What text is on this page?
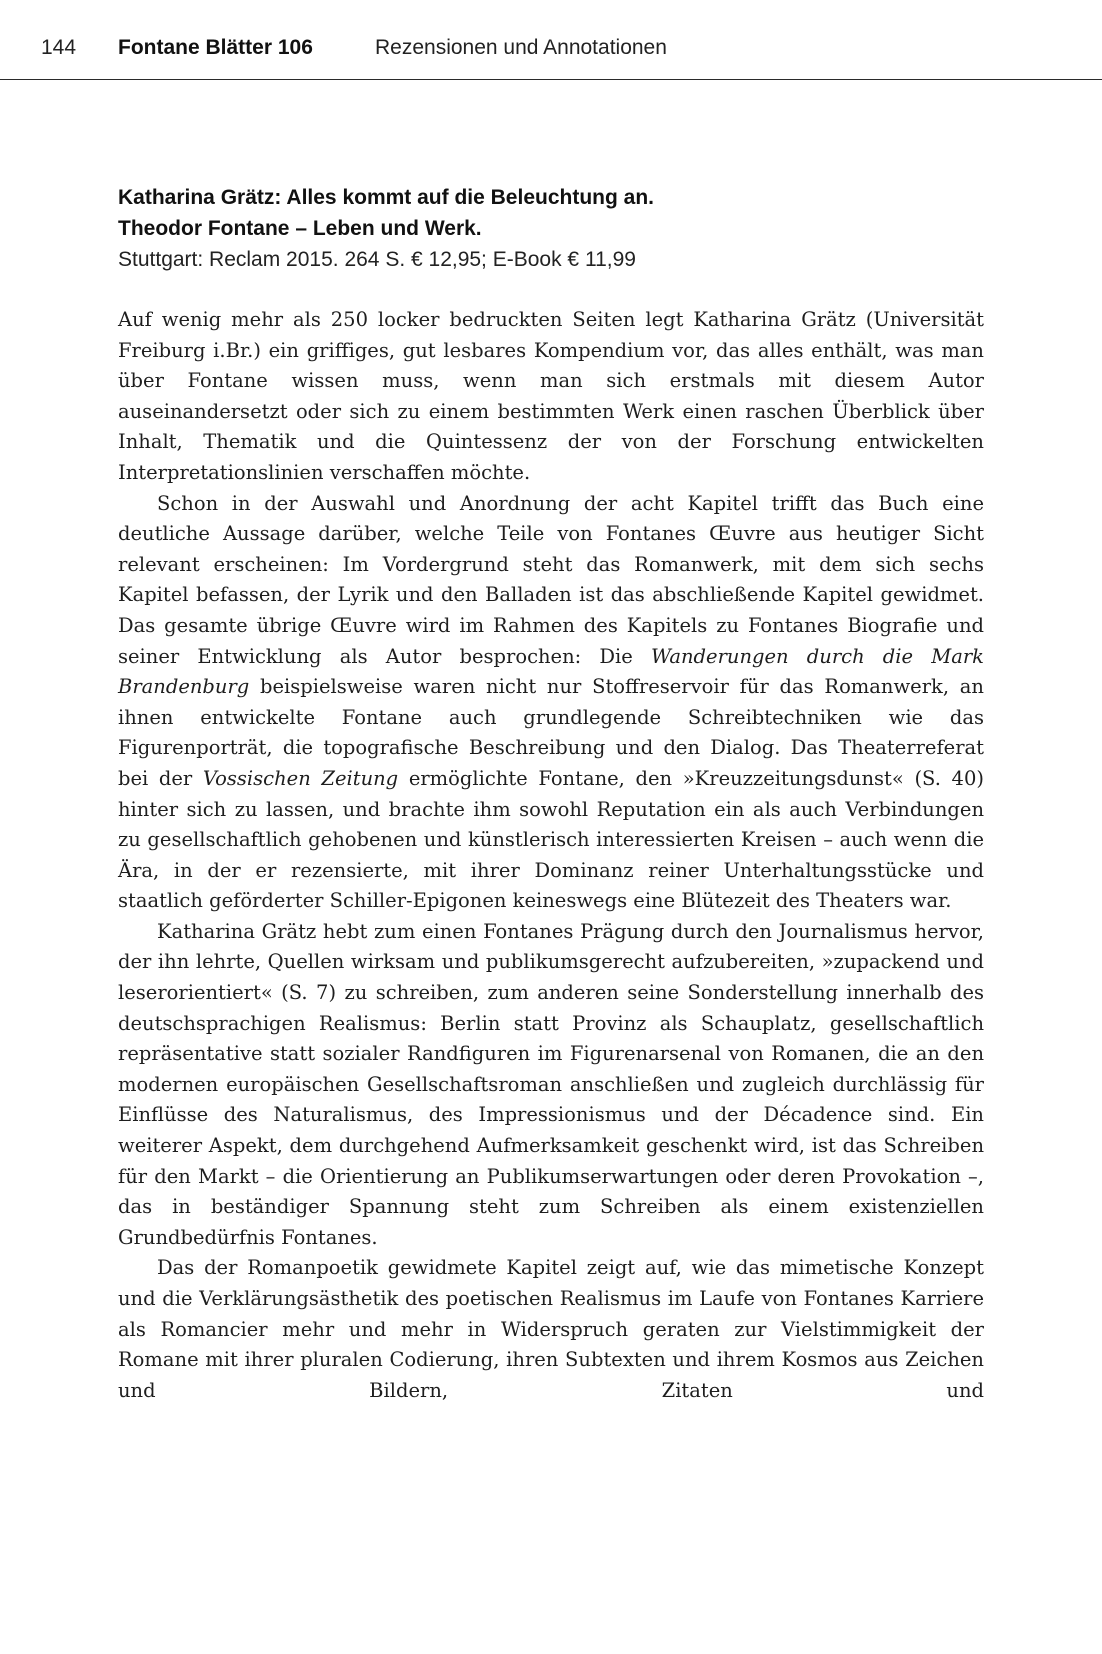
144 Fontane Blätter 106	Rezensionen und Annotationen
Katharina Grätz: Alles kommt auf die Beleuchtung an.
Theodor Fontane – Leben und Werk.

Stuttgart: Reclam 2015. 264 S. € 12,95; E-Book € 11,99

Auf wenig mehr als 250 locker bedruckten Seiten legt Katharina Grätz (Universität Freiburg i.Br.) ein griffiges, gut lesbares Kompendium vor, das alles enthält, was man über Fontane wissen muss, wenn man sich erstmals mit diesem Autor auseinandersetzt oder sich zu einem bestimmten Werk einen raschen Überblick über Inhalt, Thematik und die Quintessenz der von der Forschung entwickelten Interpretationslinien verschaffen möchte.

Schon in der Auswahl und Anordnung der acht Kapitel trifft das Buch eine deutliche Aussage darüber, welche Teile von Fontanes Œuvre aus heutiger Sicht relevant erscheinen: Im Vordergrund steht das Romanwerk, mit dem sich sechs Kapitel befassen, der Lyrik und den Balladen ist das abschließende Kapitel gewidmet. Das gesamte übrige Œuvre wird im Rahmen des Kapitels zu Fontanes Biografie und seiner Entwicklung als Autor besprochen: Die Wanderungen durch die Mark Brandenburg beispielsweise waren nicht nur Stoffreservoir für das Romanwerk, an ihnen entwickelte Fontane auch grundlegende Schreibtechniken wie das Figurenporträt, die topografische Beschreibung und den Dialog. Das Theaterreferat bei der Vossischen Zeitung ermöglichte Fontane, den »Kreuzzeitungsdunst« (S. 40) hinter sich zu lassen, und brachte ihm sowohl Reputation ein als auch Verbindungen zu gesellschaftlich gehobenen und künstlerisch interessierten Kreisen – auch wenn die Ära, in der er rezensierte, mit ihrer Dominanz reiner Unterhaltungsstücke und staatlich geförderter Schiller-Epigonen keineswegs eine Blütezeit des Theaters war.

Katharina Grätz hebt zum einen Fontanes Prägung durch den Journalismus hervor, der ihn lehrte, Quellen wirksam und publikumsgerecht aufzubereiten, »zupackend und leserorientiert« (S. 7) zu schreiben, zum anderen seine Sonderstellung innerhalb des deutschsprachigen Realismus: Berlin statt Provinz als Schauplatz, gesellschaftlich repräsentative statt sozialer Randfiguren im Figurenarsenal von Romanen, die an den modernen europäischen Gesellschaftsroman anschließen und zugleich durchlässig für Einflüsse des Naturalismus, des Impressionismus und der Décadence sind. Ein weiterer Aspekt, dem durchgehend Aufmerksamkeit geschenkt wird, ist das Schreiben für den Markt – die Orientierung an Publikumserwartungen oder deren Provokation –, das in beständiger Spannung steht zum Schreiben als einem existenziellen Grundbedürfnis Fontanes.

Das der Romanpoetik gewidmete Kapitel zeigt auf, wie das mimetische Konzept und die Verklärungsästhetik des poetischen Realismus im Laufe von Fontanes Karriere als Romancier mehr und mehr in Widerspruch geraten zur Vielstimmigkeit der Romane mit ihrer pluralen Codierung, ihren Subtexten und ihrem Kosmos aus Zeichen und Bildern, Zitaten und
